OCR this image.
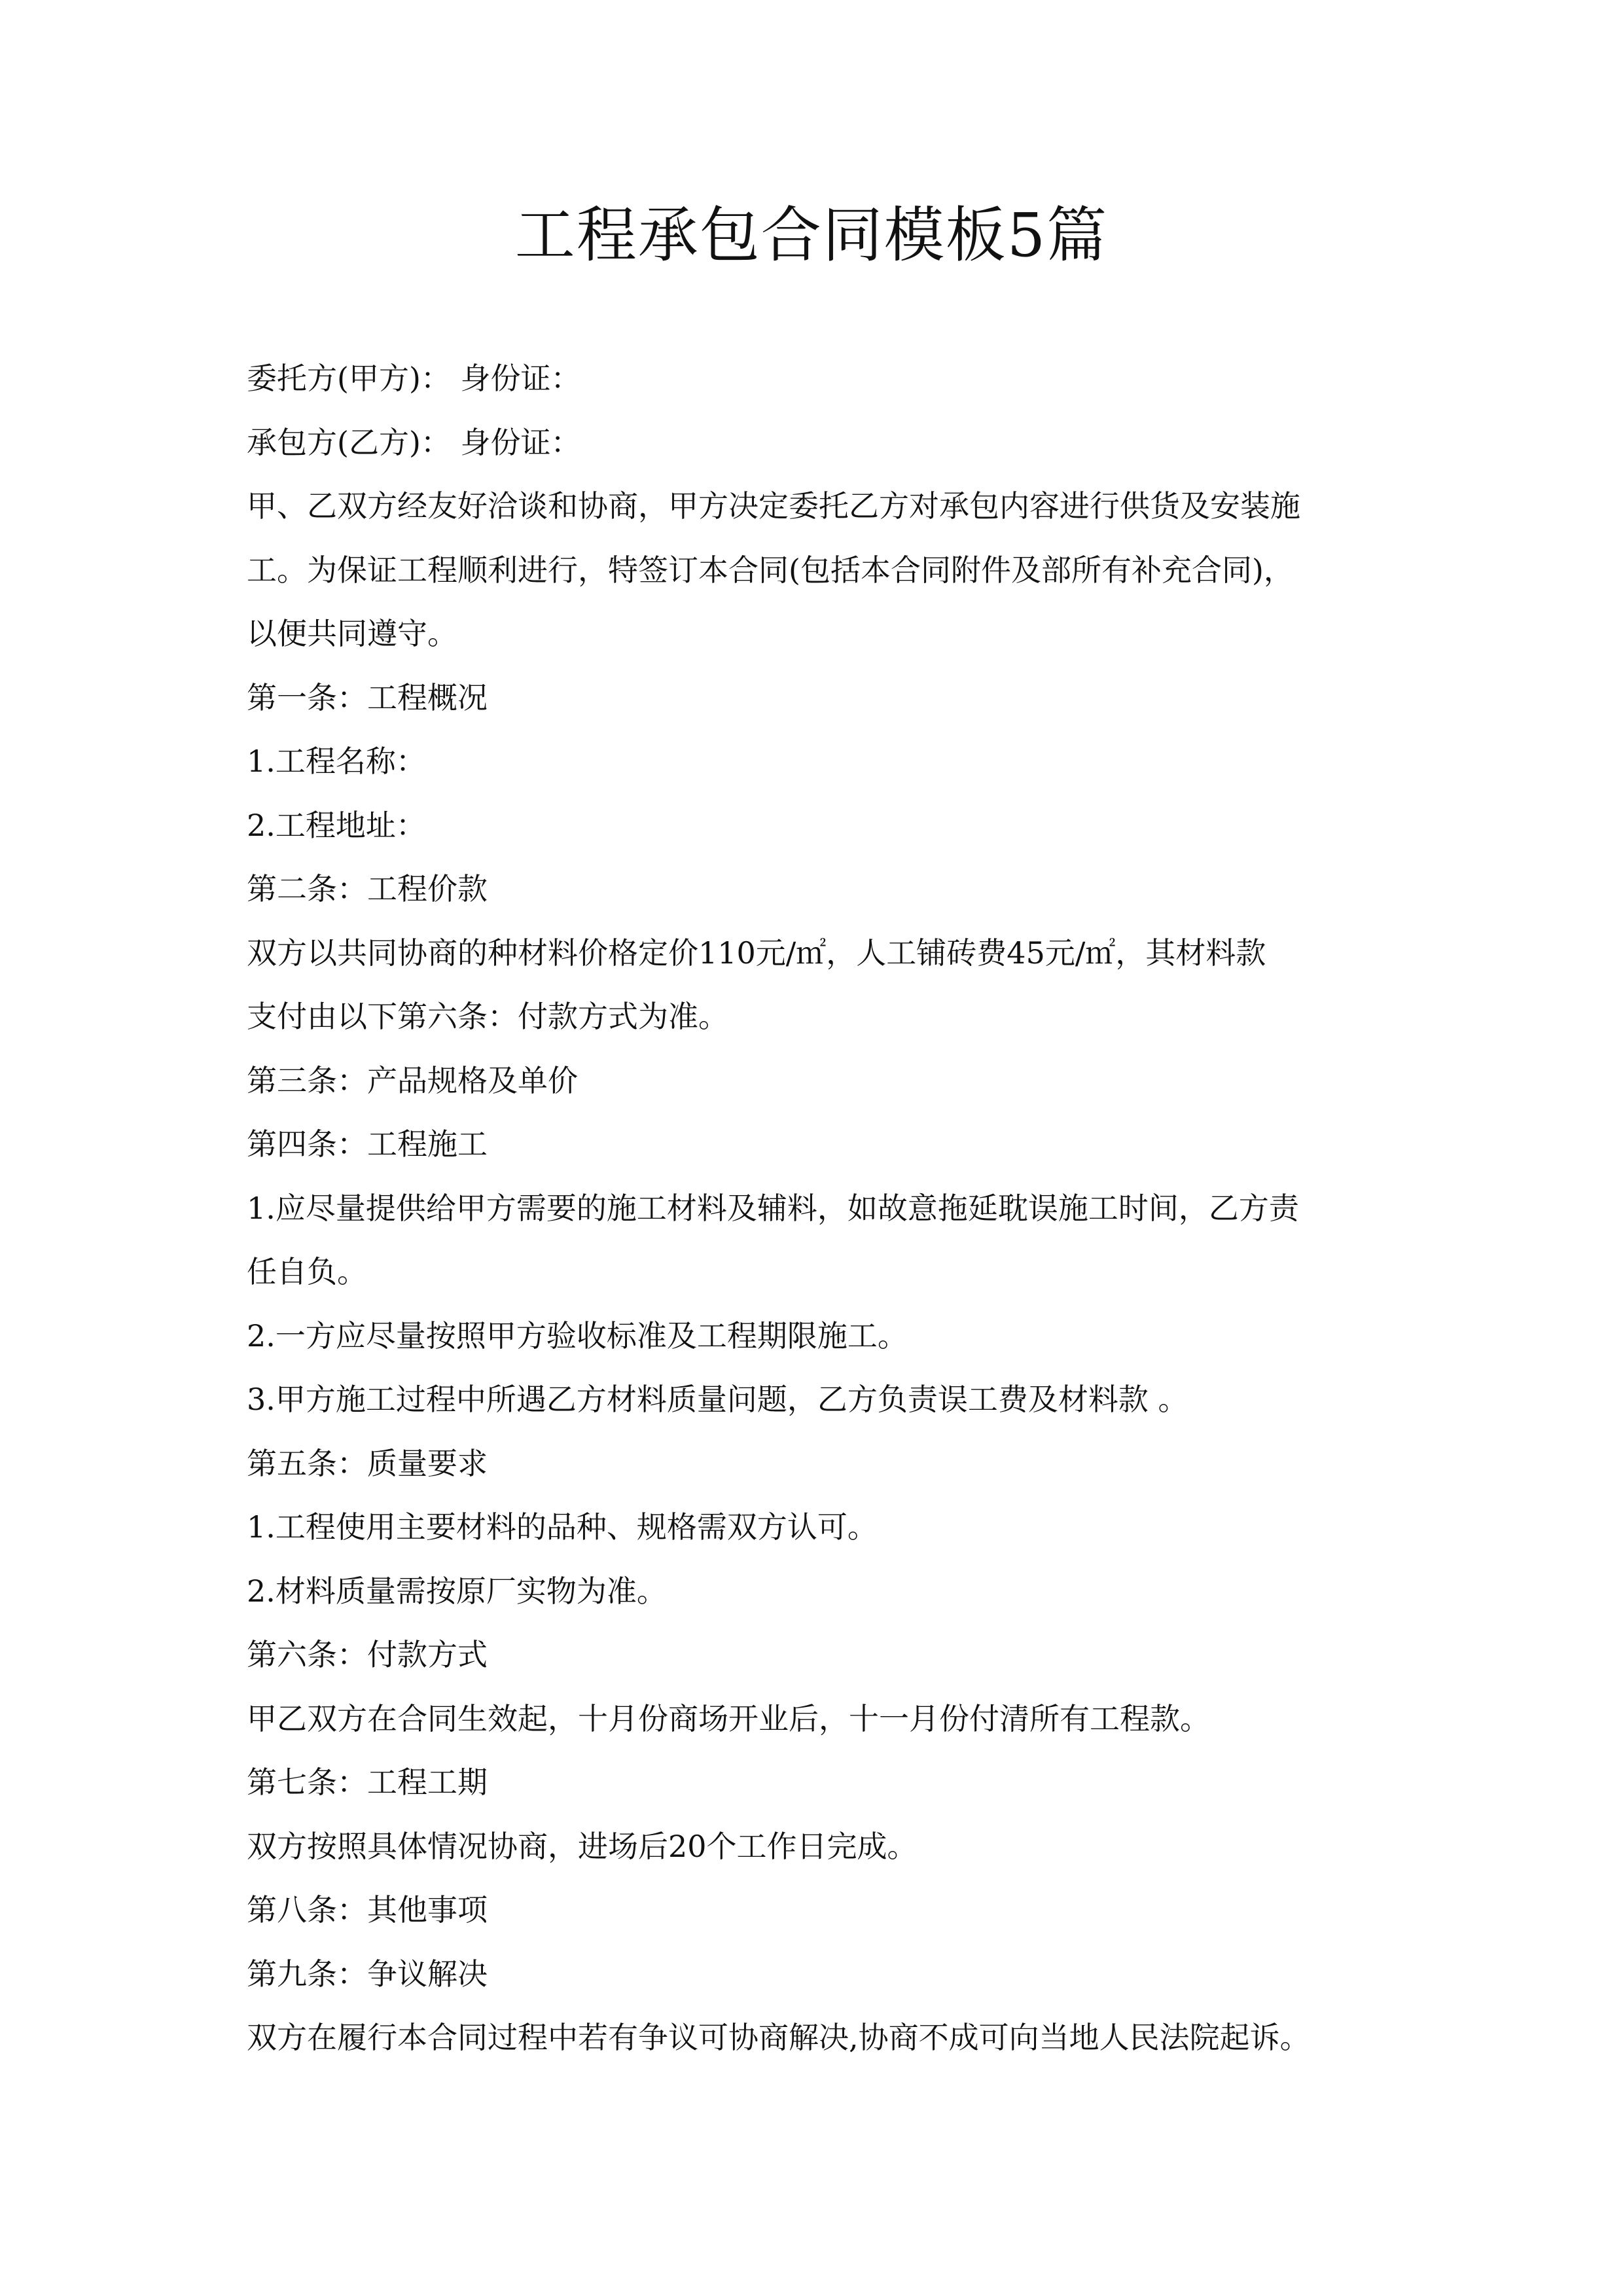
工程承包合同模板5篇

委托方(甲方)： 身份证：

承包方(乙方)： 身份证：

甲、乙双方经友好洽谈和协商，甲方决定委托乙方对承包内容进行供货及安装施

工。为保证工程顺利进行，特签订本合同(包括本合同附件及部所有补充合同)，

以便共同遵守。

第一条：工程概况

1.工程名称：

2.工程地址：

第二条：工程价款

双方以共同协商的种材料价格定价110元/㎡，人工铺砖费45元/㎡，其材料款

支付由以下第六条：付款方式为准。

第三条：产品规格及单价

第四条：工程施工

1.应尽量提供给甲方需要的施工材料及辅料，如故意拖延耽误施工时间，乙方责

任自负。

2.一方应尽量按照甲方验收标准及工程期限施工。

3.甲方施工过程中所遇乙方材料质量问题，乙方负责误工费及材料款 。

第五条：质量要求

1.工程使用主要材料的品种、规格需双方认可。

2.材料质量需按原厂实物为准。

第六条：付款方式

甲乙双方在合同生效起，十月份商场开业后，十一月份付清所有工程款。

第七条：工程工期

双方按照具体情况协商，进场后20个工作日完成。

第八条：其他事项

第九条：争议解决

双方在履行本合同过程中若有争议可协商解决,协商不成可向当地人民法院起诉。
